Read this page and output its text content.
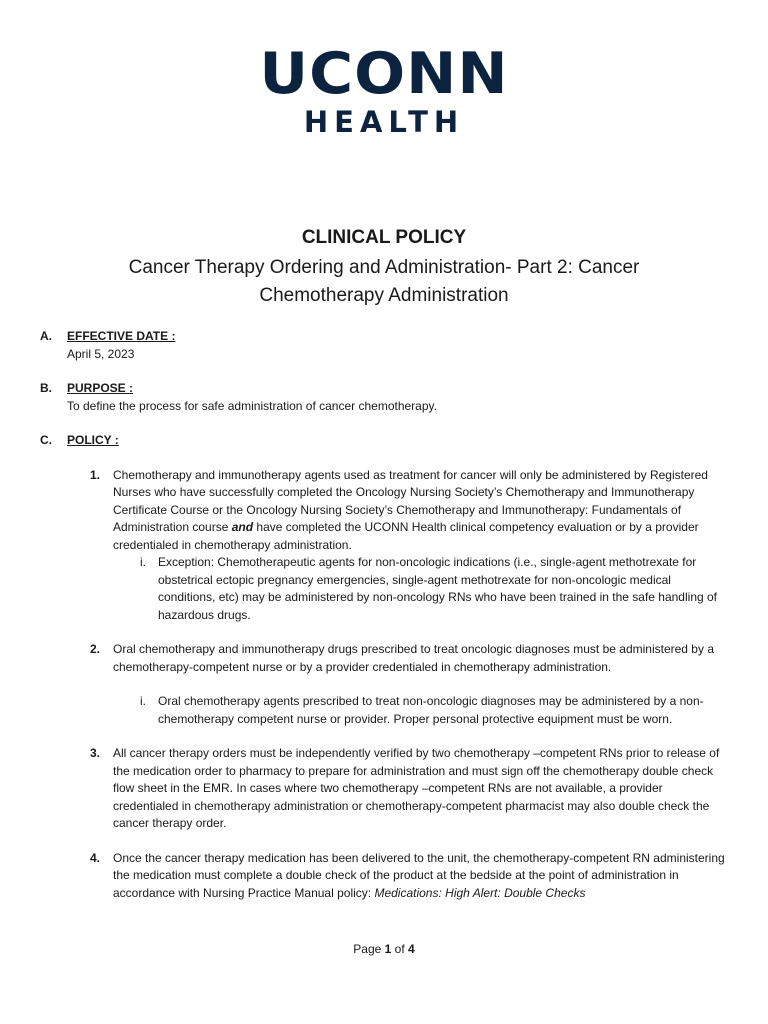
UCONN
HEALTH
CLINICAL POLICY
Cancer Therapy Ordering and Administration- Part 2: Cancer Chemotherapy Administration
A. EFFECTIVE DATE :
April 5, 2023
B. PURPOSE :
To define the process for safe administration of cancer chemotherapy.
C. POLICY :
1. Chemotherapy and immunotherapy agents used as treatment for cancer will only be administered by Registered Nurses who have successfully completed the Oncology Nursing Society’s Chemotherapy and Immunotherapy Certificate Course or the Oncology Nursing Society’s Chemotherapy and Immunotherapy: Fundamentals of Administration course and have completed the UCONN Health clinical competency evaluation or by a provider credentialed in chemotherapy administration.
i. Exception: Chemotherapeutic agents for non-oncologic indications (i.e., single-agent methotrexate for obstetrical ectopic pregnancy emergencies, single-agent methotrexate for non-oncologic medical conditions, etc) may be administered by non-oncology RNs who have been trained in the safe handling of hazardous drugs.
2. Oral chemotherapy and immunotherapy drugs prescribed to treat oncologic diagnoses must be administered by a chemotherapy-competent nurse or by a provider credentialed in chemotherapy administration.
i. Oral chemotherapy agents prescribed to treat non-oncologic diagnoses may be administered by a non-chemotherapy competent nurse or provider. Proper personal protective equipment must be worn.
3. All cancer therapy orders must be independently verified by two chemotherapy –competent RNs prior to release of the medication order to pharmacy to prepare for administration and must sign off the chemotherapy double check flow sheet in the EMR. In cases where two chemotherapy –competent RNs are not available, a provider credentialed in chemotherapy administration or chemotherapy-competent pharmacist may also double check the cancer therapy order.
4. Once the cancer therapy medication has been delivered to the unit, the chemotherapy-competent RN administering the medication must complete a double check of the product at the bedside at the point of administration in accordance with Nursing Practice Manual policy: Medications: High Alert: Double Checks
Page 1 of 4
